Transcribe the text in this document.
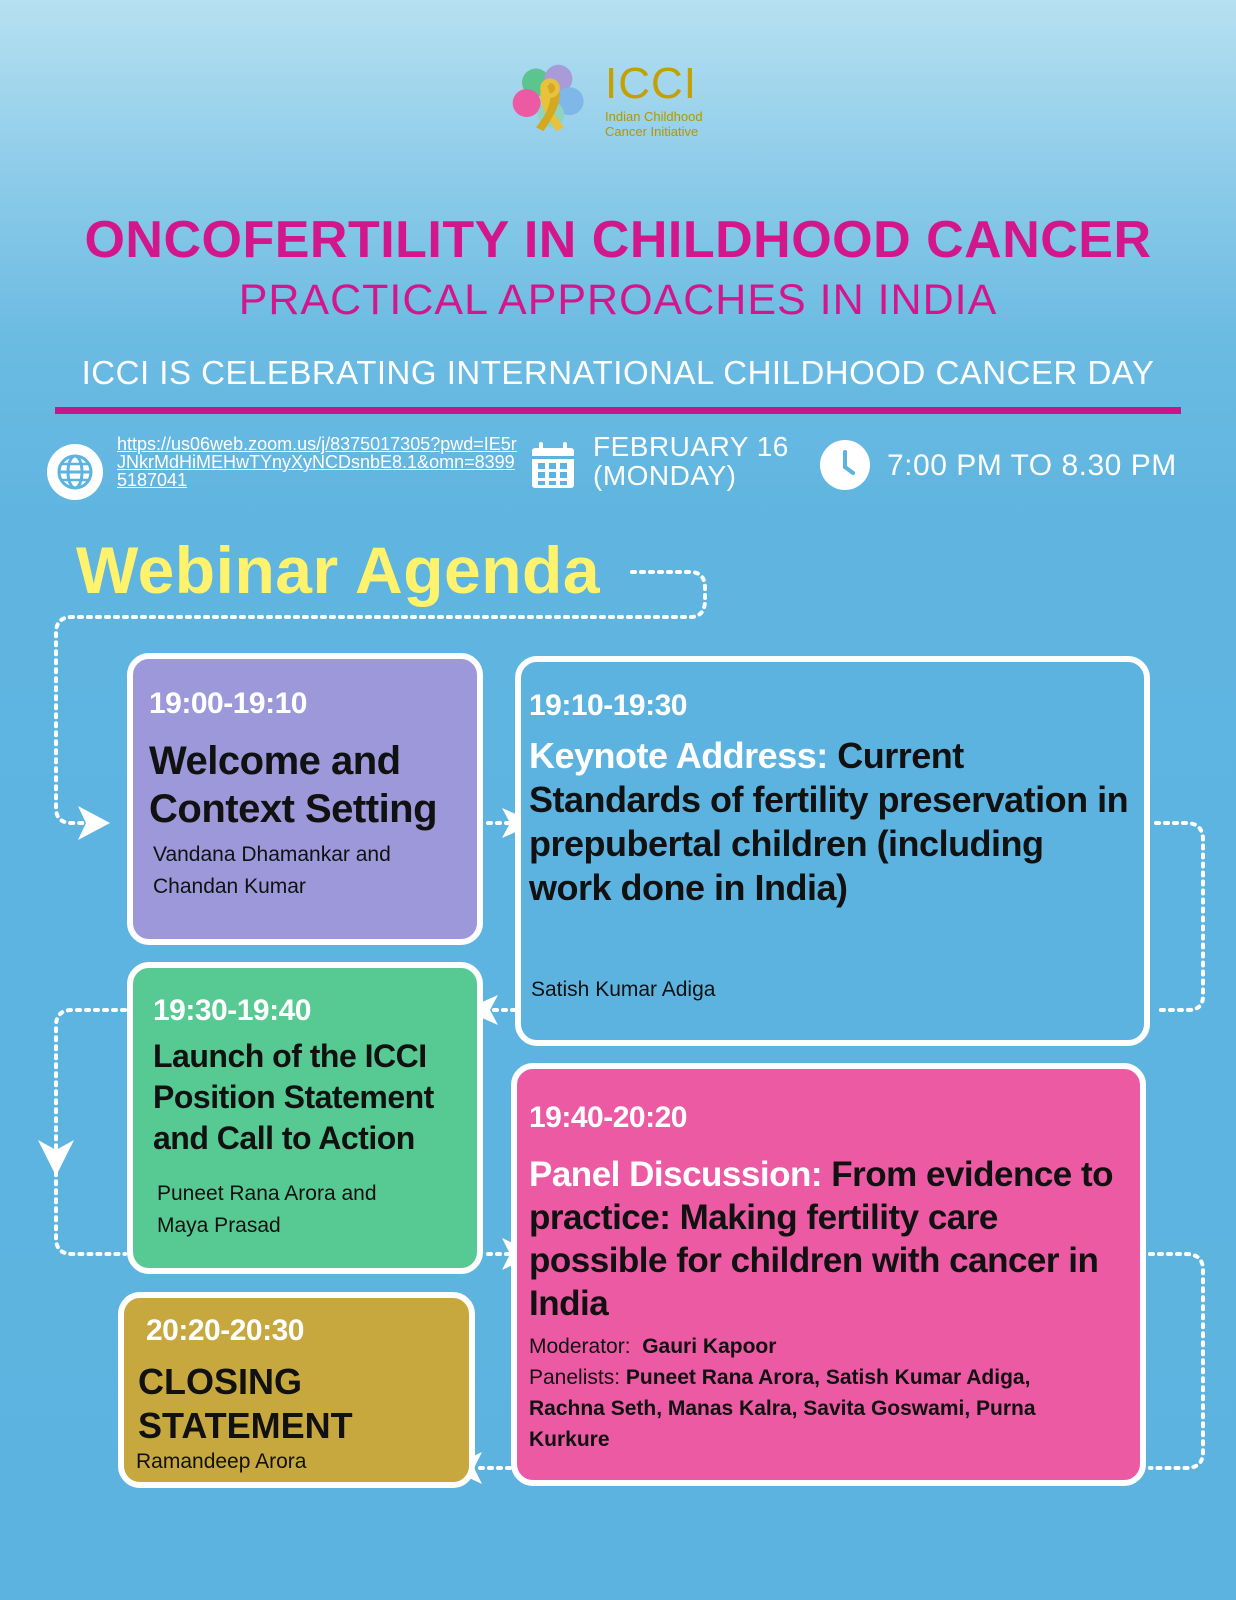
ICCI
Indian Childhood
Cancer Initiative
ONCOFERTILITY IN CHILDHOOD CANCER
PRACTICAL APPROACHES IN INDIA
ICCI IS CELEBRATING INTERNATIONAL CHILDHOOD CANCER DAY
https://us06web.zoom.us/j/8375017305?pwd=IE5rJNkrMdHiMEHwTYnyXyNCDsnbE8.1&omn=83995187041
FEBRUARY 16
(MONDAY)	7:00 PM TO 8.30 PM
Webinar Agenda
19:00-19:10
Welcome and Context Setting
Vandana Dhamankar and
Chandan Kumar
19:10-19:30
Keynote Address: Current Standards of fertility preservation in prepubertal children (including work done in India)
Satish Kumar Adiga
19:30-19:40
Launch of the ICCI Position Statement and Call to Action
Puneet Rana Arora and
Maya Prasad
19:40-20:20
Panel Discussion: From evidence to practice: Making fertility care possible for children with cancer in India
Moderator: Gauri Kapoor
Panelists: Puneet Rana Arora, Satish Kumar Adiga, Rachna Seth, Manas Kalra, Savita Goswami, Purna Kurkure
20:20-20:30
CLOSING STATEMENT
Ramandeep Arora
